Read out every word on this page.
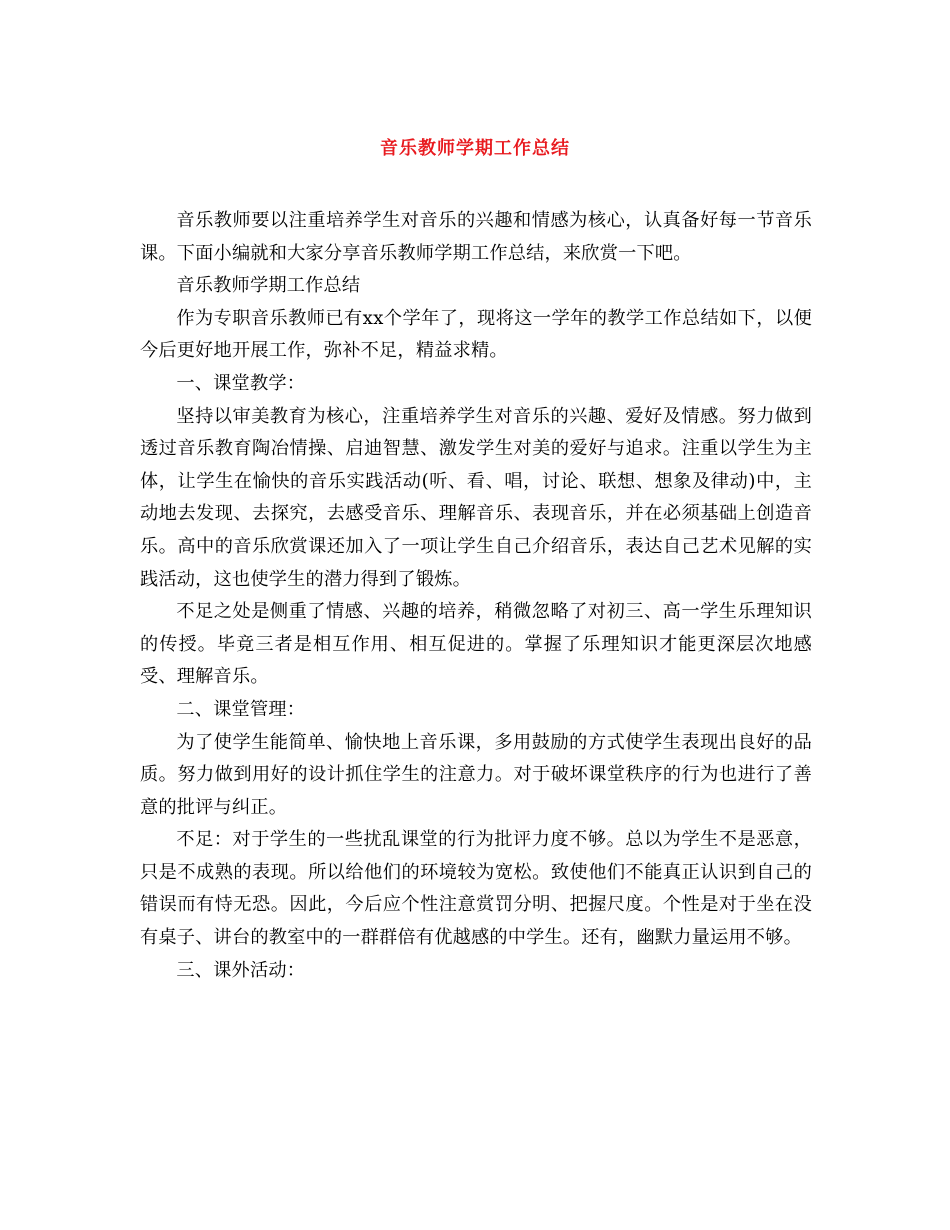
音乐教师学期工作总结

音乐教师要以注重培养学生对音乐的兴趣和情感为核心，认真备好每一节音乐课。下面小编就和大家分享音乐教师学期工作总结，来欣赏一下吧。

音乐教师学期工作总结

作为专职音乐教师已有xx个学年了，现将这一学年的教学工作总结如下，以便今后更好地开展工作，弥补不足，精益求精。

一、课堂教学：

坚持以审美教育为核心，注重培养学生对音乐的兴趣、爱好及情感。努力做到透过音乐教育陶冶情操、启迪智慧、激发学生对美的爱好与追求。注重以学生为主体，让学生在愉快的音乐实践活动(听、看、唱，讨论、联想、想象及律动)中，主动地去发现、去探究，去感受音乐、理解音乐、表现音乐，并在必须基础上创造音乐。高中的音乐欣赏课还加入了一项让学生自己介绍音乐，表达自己艺术见解的实践活动，这也使学生的潜力得到了锻炼。

不足之处是侧重了情感、兴趣的培养，稍微忽略了对初三、高一学生乐理知识的传授。毕竟三者是相互作用、相互促进的。掌握了乐理知识才能更深层次地感受、理解音乐。

二、课堂管理：

为了使学生能简单、愉快地上音乐课，多用鼓励的方式使学生表现出良好的品质。努力做到用好的设计抓住学生的注意力。对于破坏课堂秩序的行为也进行了善意的批评与纠正。

不足：对于学生的一些扰乱课堂的行为批评力度不够。总以为学生不是恶意，只是不成熟的表现。所以给他们的环境较为宽松。致使他们不能真正认识到自己的错误而有恃无恐。因此，今后应个性注意赏罚分明、把握尺度。个性是对于坐在没有桌子、讲台的教室中的一群群倍有优越感的中学生。还有，幽默力量运用不够。

三、课外活动：
